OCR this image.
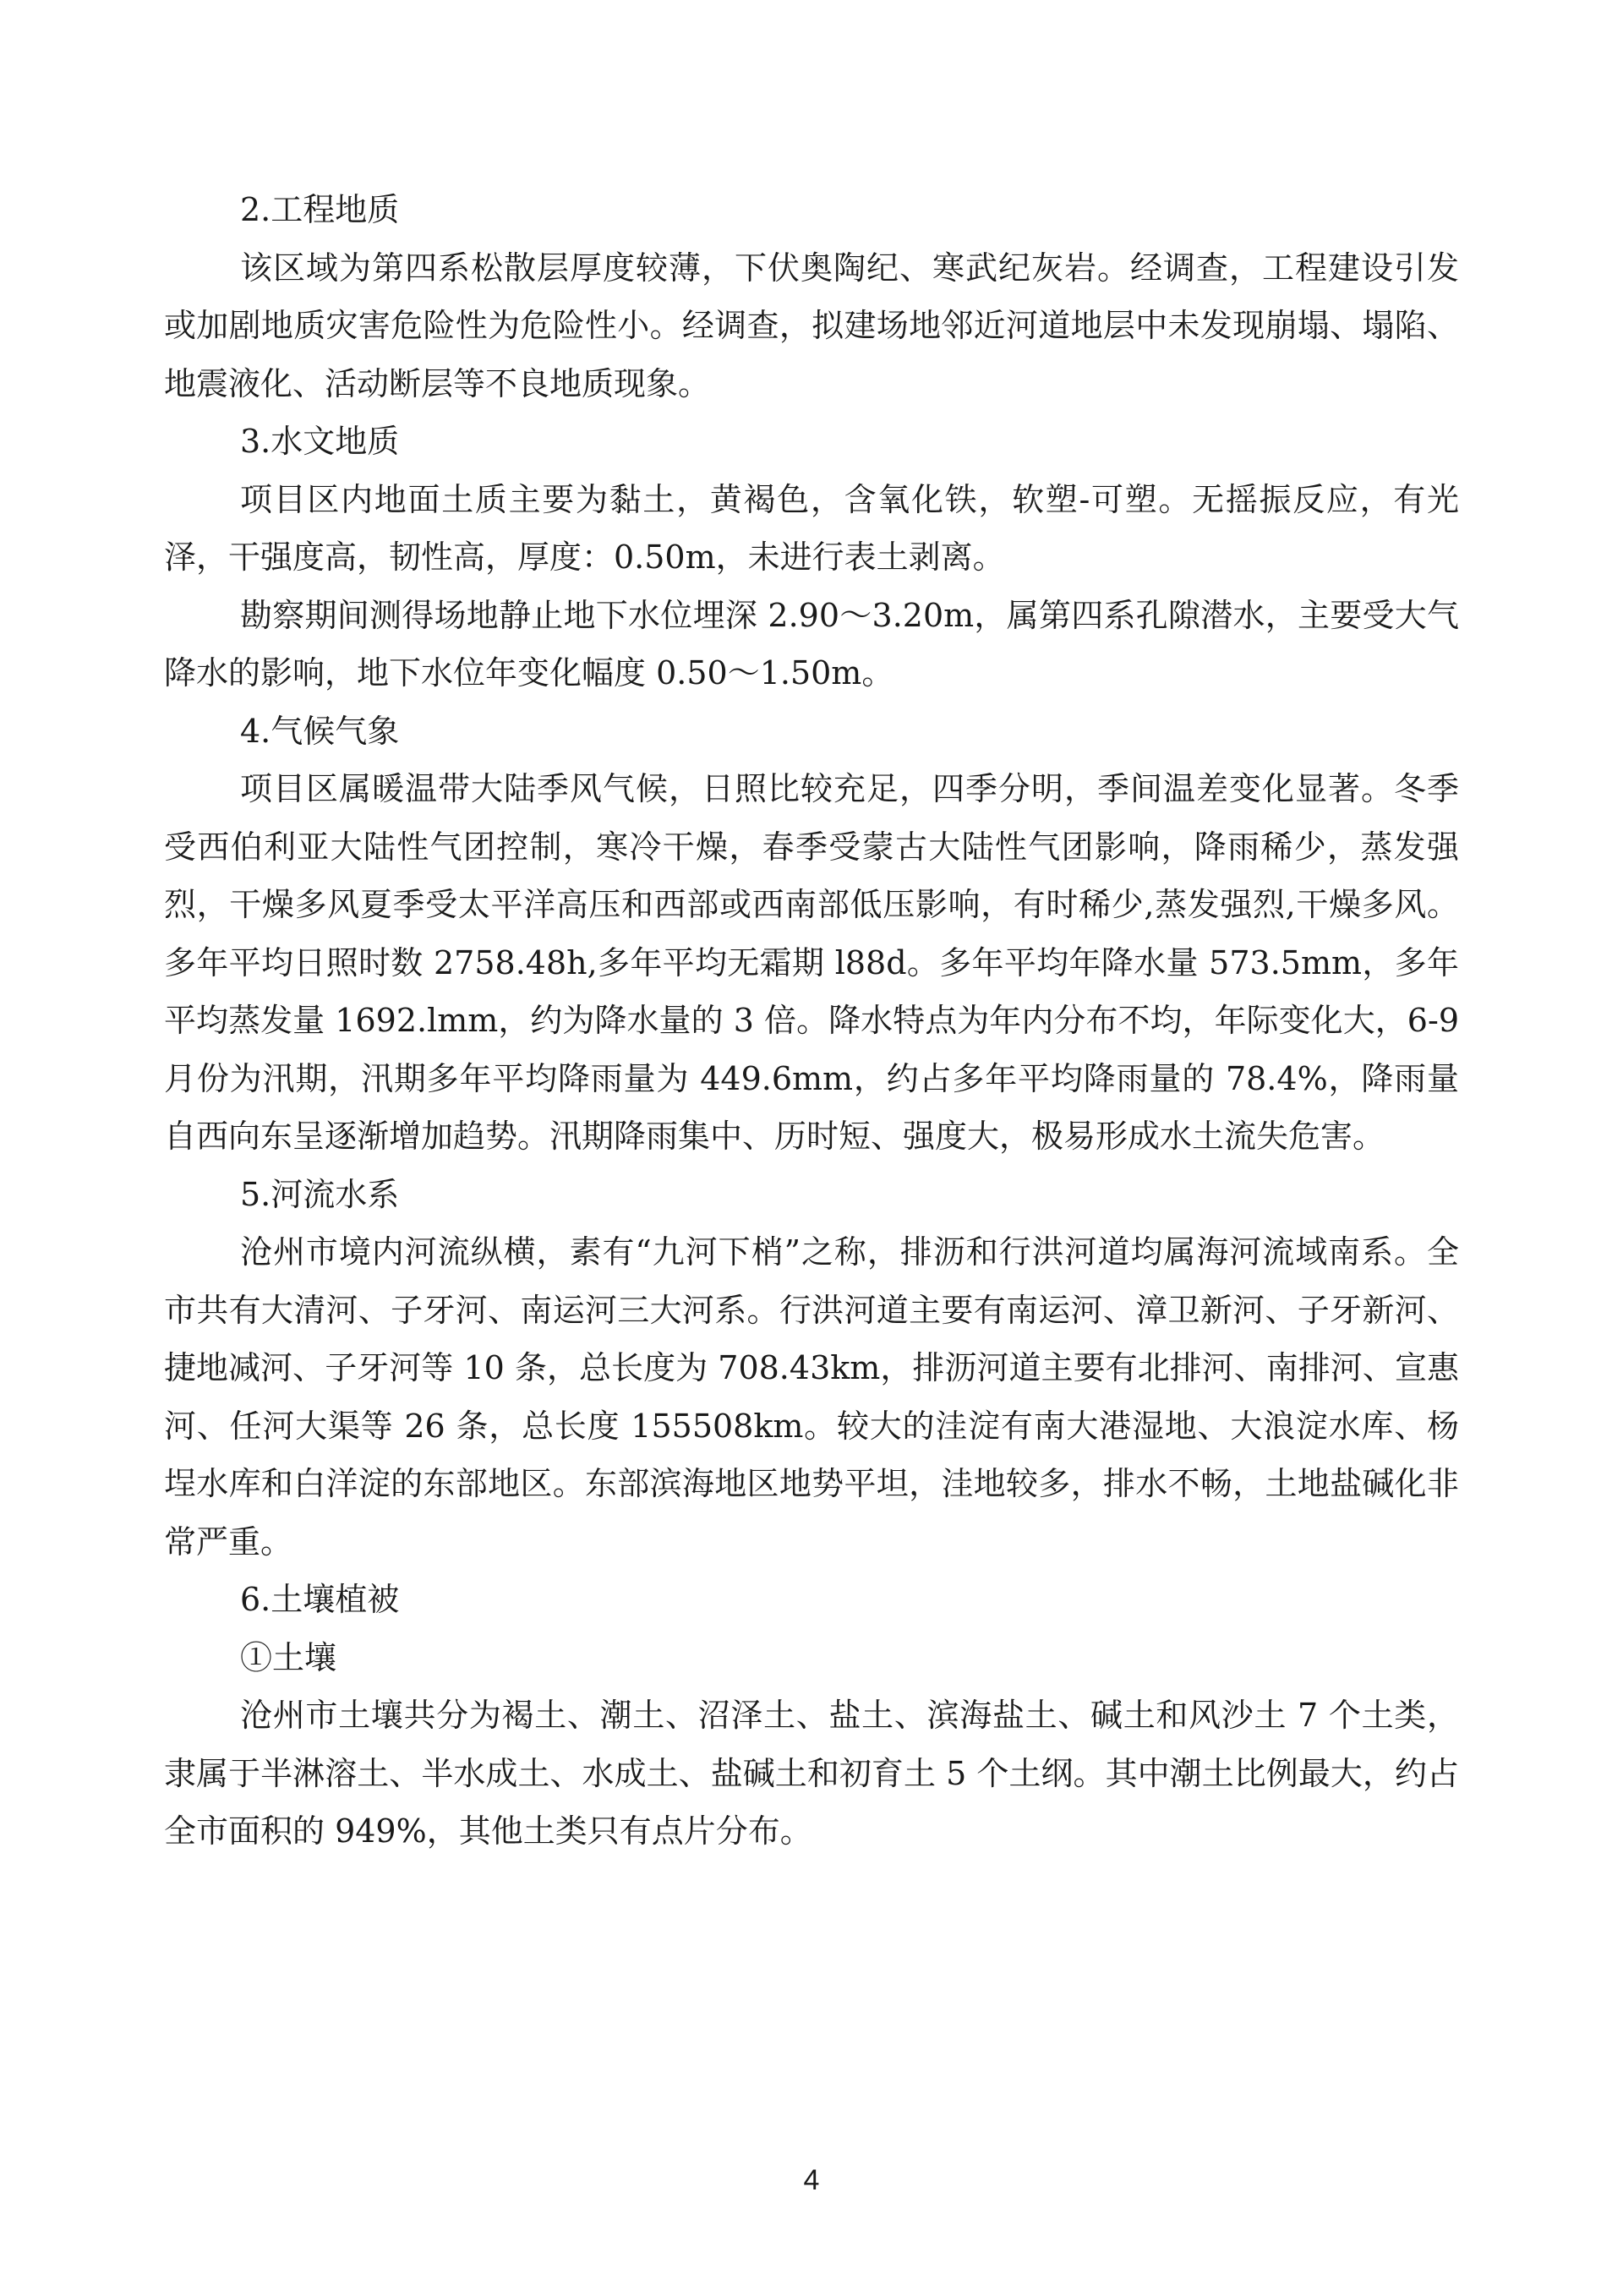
2.工程地质

该区域为第四系松散层厚度较薄，下伏奥陶纪、寒武纪灰岩。经调查，工程建设引发或加剧地质灾害危险性为危险性小。经调查，拟建场地邻近河道地层中未发现崩塌、塌陷、地震液化、活动断层等不良地质现象。

3.水文地质

项目区内地面土质主要为黏土，黄褐色，含氧化铁，软塑-可塑。无摇振反应，有光泽，干强度高，韧性高，厚度：0.50m，未进行表土剥离。

勘察期间测得场地静止地下水位埋深 2.90～3.20m，属第四系孔隙潜水，主要受大气降水的影响，地下水位年变化幅度 0.50～1.50m。

4.气候气象

项目区属暖温带大陆季风气候，日照比较充足，四季分明，季间温差变化显著。冬季受西伯利亚大陆性气团控制，寒冷干燥，春季受蒙古大陆性气团影响，降雨稀少，蒸发强烈，干燥多风夏季受太平洋高压和西部或西南部低压影响，有时稀少,蒸发强烈,干燥多风。多年平均日照时数 2758.48h,多年平均无霜期 l88d。多年平均年降水量 573.5mm，多年平均蒸发量 1692.lmm，约为降水量的 3 倍。降水特点为年内分布不均，年际变化大，6-9 月份为汛期，汛期多年平均降雨量为 449.6mm，约占多年平均降雨量的 78.4%，降雨量自西向东呈逐渐增加趋势。汛期降雨集中、历时短、强度大，极易形成水土流失危害。

5.河流水系

沧州市境内河流纵横，素有“九河下梢”之称，排沥和行洪河道均属海河流域南系。全市共有大清河、子牙河、南运河三大河系。行洪河道主要有南运河、漳卫新河、子牙新河、捷地减河、子牙河等 10 条，总长度为 708.43km，排沥河道主要有北排河、南排河、宣惠河、任河大渠等 26 条，总长度 155508km。较大的洼淀有南大港湿地、大浪淀水库、杨埕水库和白洋淀的东部地区。东部滨海地区地势平坦，洼地较多，排水不畅，土地盐碱化非常严重。

6.土壤植被
①土壤

沧州市土壤共分为褐土、潮土、沼泽土、盐土、滨海盐土、碱土和风沙土 7 个土类，隶属于半淋溶土、半水成土、水成土、盐碱土和初育土 5 个土纲。其中潮土比例最大，约占全市面积的 949%，其他土类只有点片分布。

4
